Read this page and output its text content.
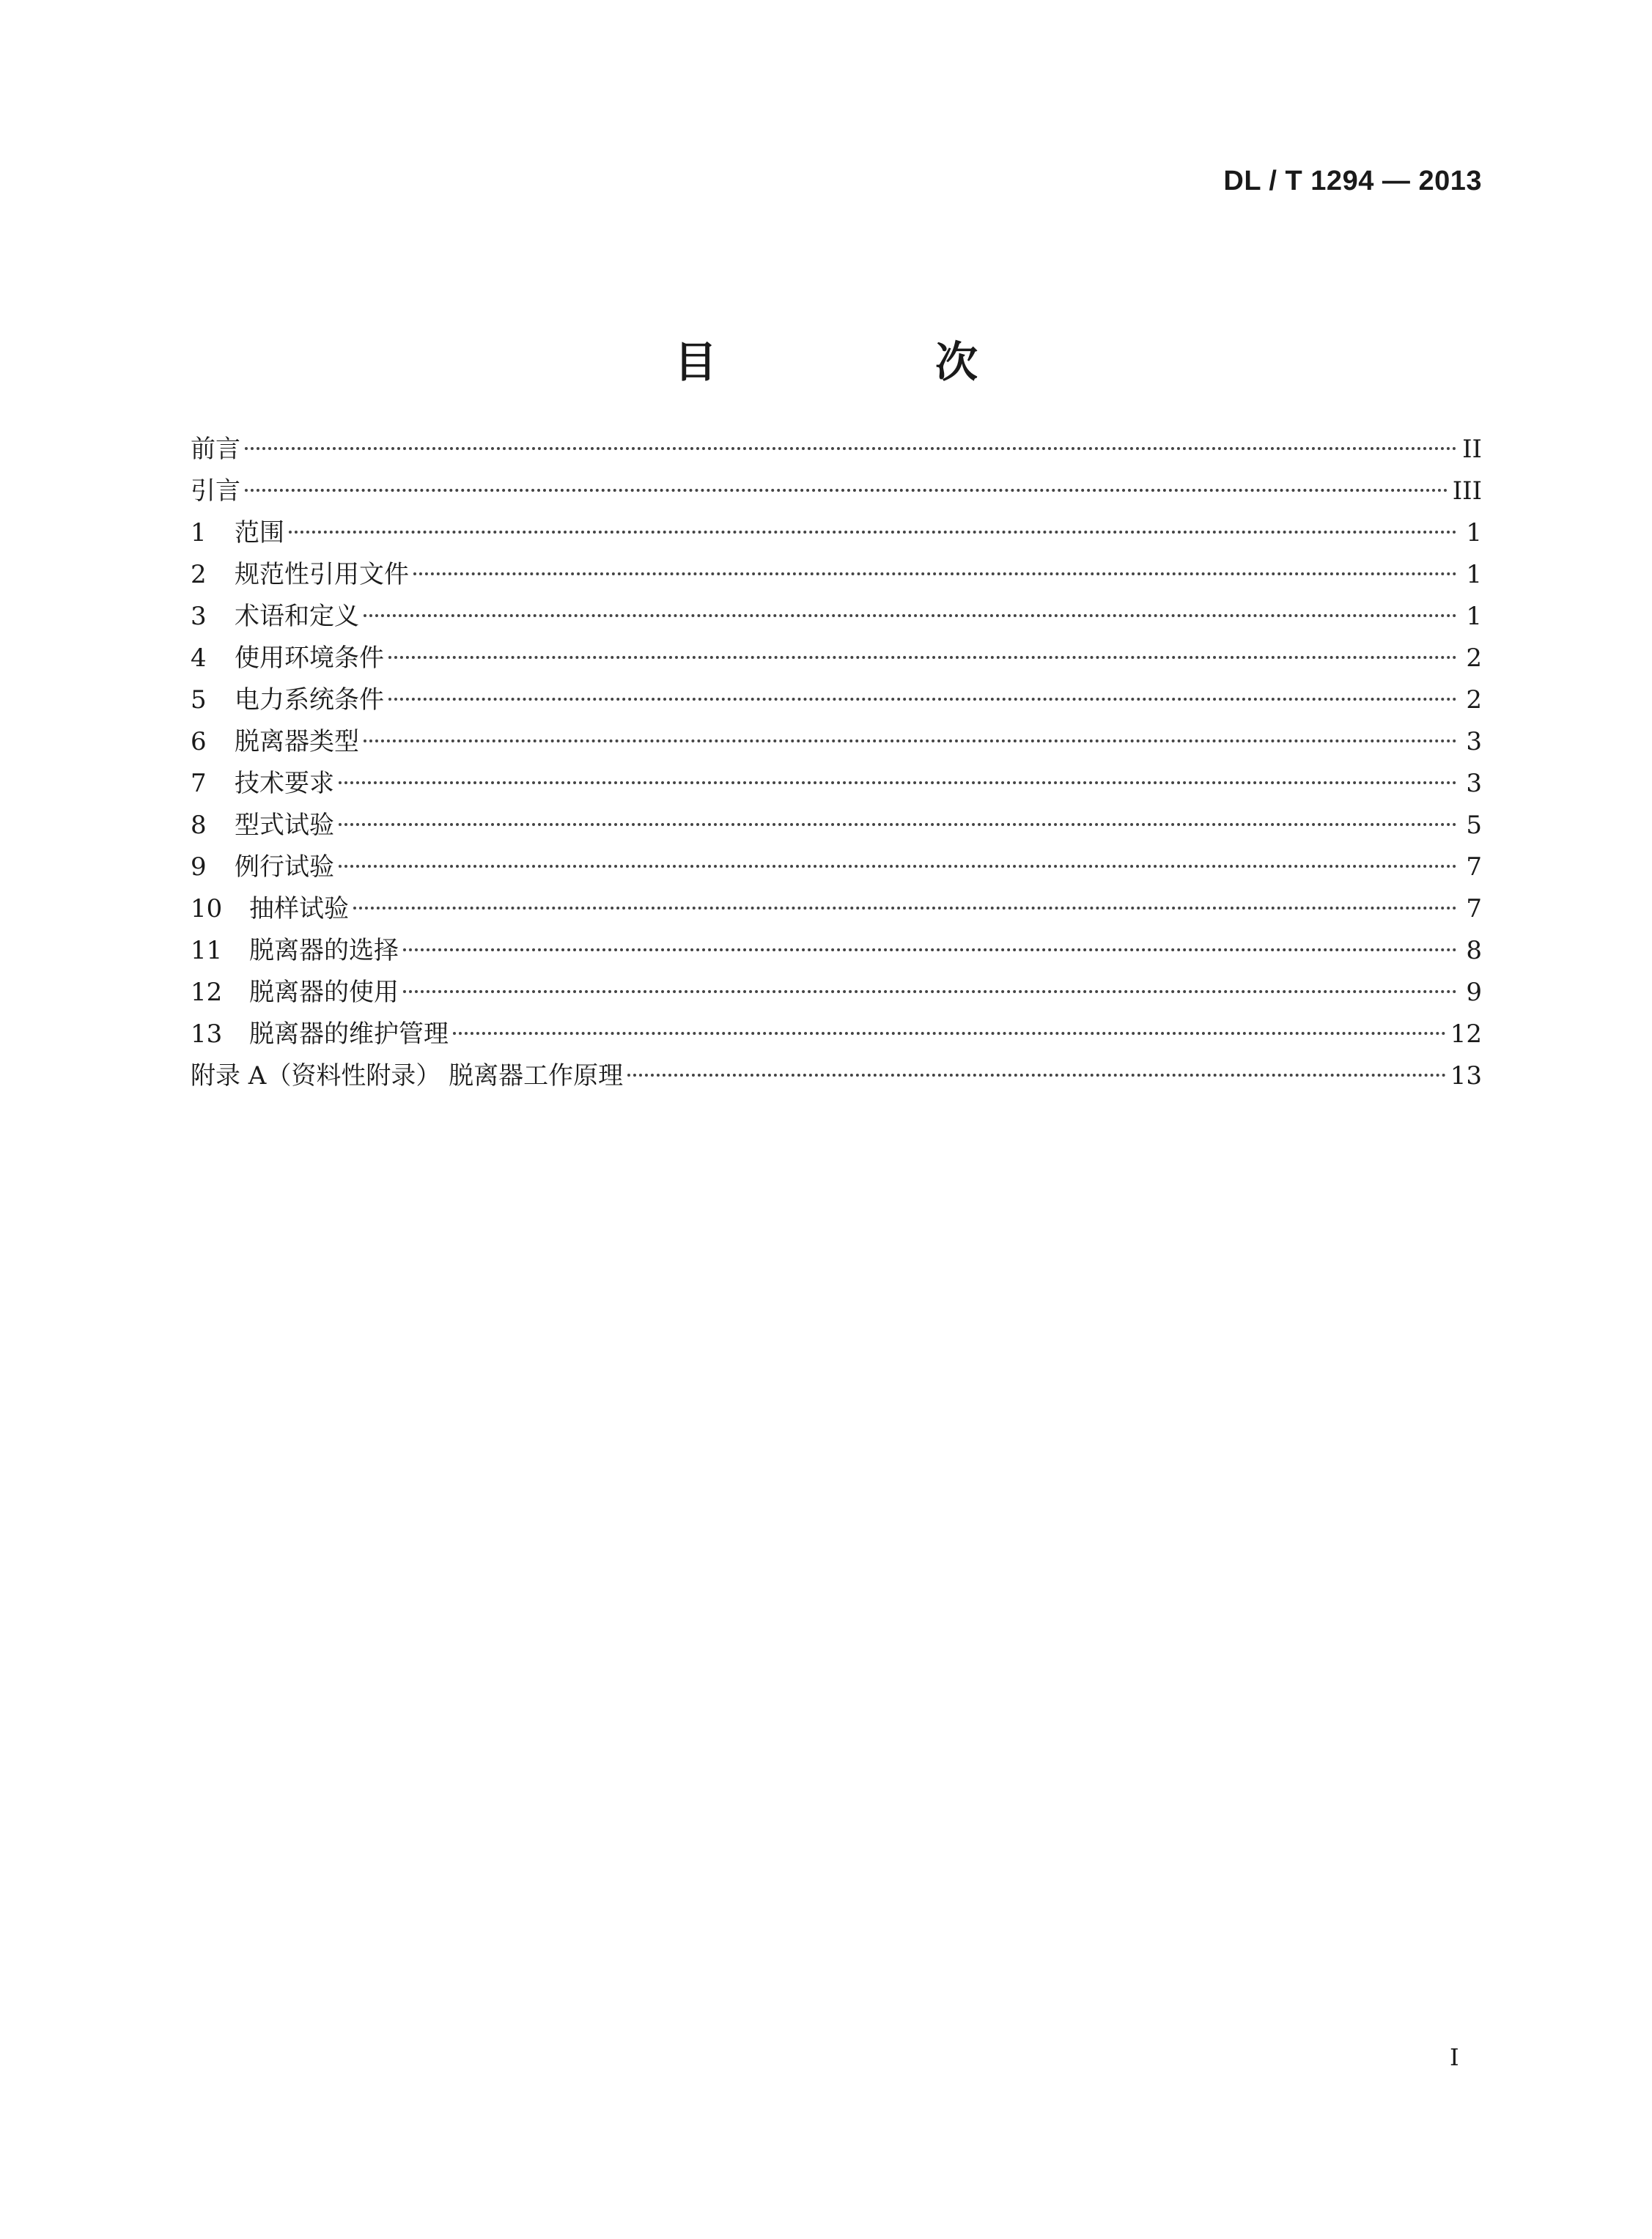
DL / T 1294 — 2013
目　次
前言	II
引言	III
1	范围	1
2	规范性引用文件	1
3	术语和定义	1
4	使用环境条件	2
5	电力系统条件	2
6	脱离器类型	3
7	技术要求	3
8	型式试验	5
9	例行试验	7
10	抽样试验	7
11	脱离器的选择	8
12	脱离器的使用	9
13	脱离器的维护管理	12
附录 A（资料性附录） 脱离器工作原理	13
I
